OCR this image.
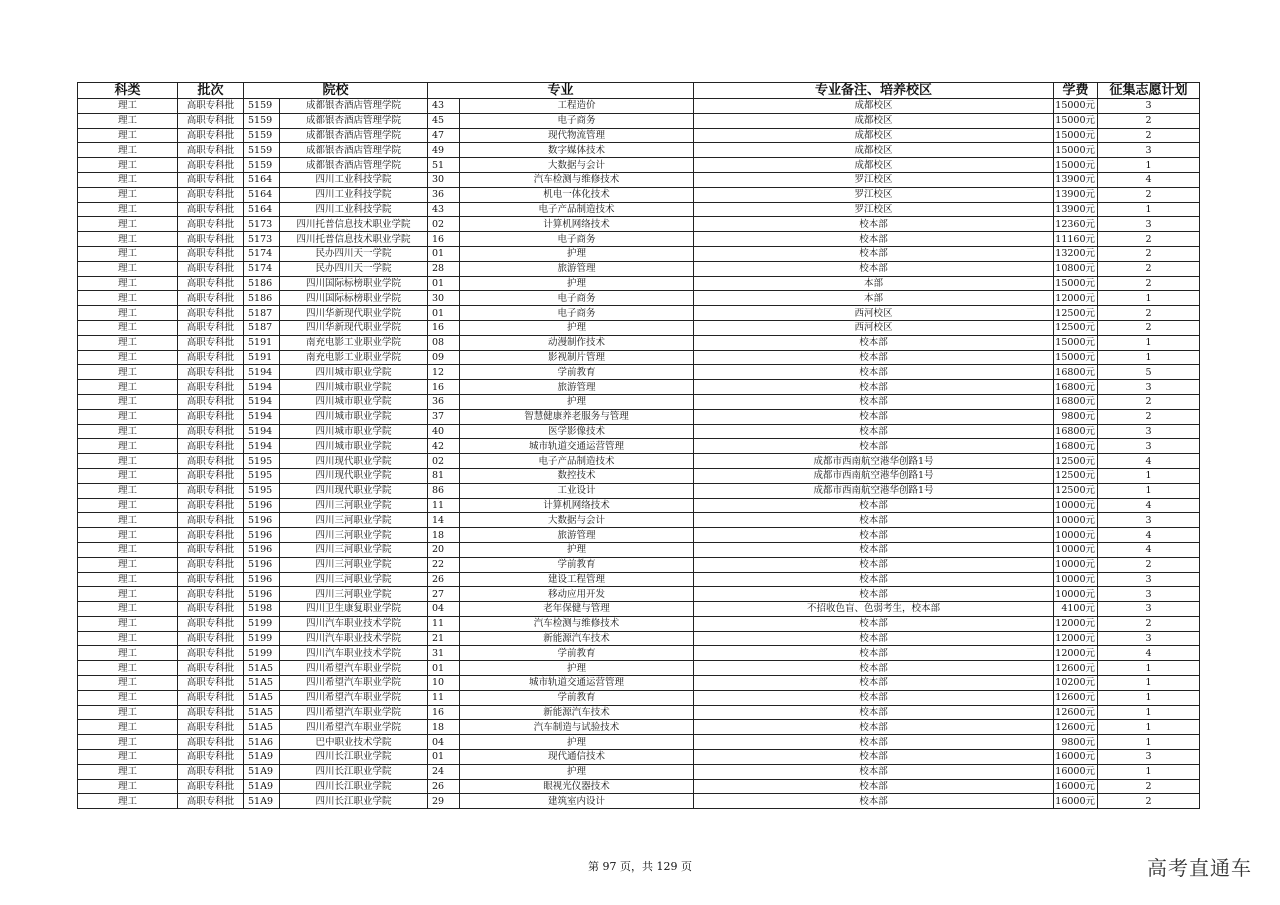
科类	批次	院校		专业		专业备注、培养校区	学费	征集志愿计划
理工	高职专科批	5159	成都银杏酒店管理学院	43	工程造价	成都校区	15000元	3
理工	高职专科批	5159	成都银杏酒店管理学院	45	电子商务	成都校区	15000元	2
理工	高职专科批	5159	成都银杏酒店管理学院	47	现代物流管理	成都校区	15000元	2
理工	高职专科批	5159	成都银杏酒店管理学院	49	数字媒体技术	成都校区	15000元	3
理工	高职专科批	5159	成都银杏酒店管理学院	51	大数据与会计	成都校区	15000元	1
理工	高职专科批	5164	四川工业科技学院	30	汽车检测与维修技术	罗江校区	13900元	4
理工	高职专科批	5164	四川工业科技学院	36	机电一体化技术	罗江校区	13900元	2
理工	高职专科批	5164	四川工业科技学院	43	电子产品制造技术	罗江校区	13900元	1
理工	高职专科批	5173	四川托普信息技术职业学院	02	计算机网络技术	校本部	12360元	3
理工	高职专科批	5173	四川托普信息技术职业学院	16	电子商务	校本部	11160元	2
理工	高职专科批	5174	民办四川天一学院	01	护理	校本部	13200元	2
理工	高职专科批	5174	民办四川天一学院	28	旅游管理	校本部	10800元	2
理工	高职专科批	5186	四川国际标榜职业学院	01	护理	本部	15000元	2
理工	高职专科批	5186	四川国际标榜职业学院	30	电子商务	本部	12000元	1
理工	高职专科批	5187	四川华新现代职业学院	01	电子商务	西河校区	12500元	2
理工	高职专科批	5187	四川华新现代职业学院	16	护理	西河校区	12500元	2
理工	高职专科批	5191	南充电影工业职业学院	08	动漫制作技术	校本部	15000元	1
理工	高职专科批	5191	南充电影工业职业学院	09	影视制片管理	校本部	15000元	1
理工	高职专科批	5194	四川城市职业学院	12	学前教育	校本部	16800元	5
理工	高职专科批	5194	四川城市职业学院	16	旅游管理	校本部	16800元	3
理工	高职专科批	5194	四川城市职业学院	36	护理	校本部	16800元	2
理工	高职专科批	5194	四川城市职业学院	37	智慧健康养老服务与管理	校本部	9800元	2
理工	高职专科批	5194	四川城市职业学院	40	医学影像技术	校本部	16800元	3
理工	高职专科批	5194	四川城市职业学院	42	城市轨道交通运营管理	校本部	16800元	3
理工	高职专科批	5195	四川现代职业学院	02	电子产品制造技术	成都市西南航空港华创路1号	12500元	4
理工	高职专科批	5195	四川现代职业学院	81	数控技术	成都市西南航空港华创路1号	12500元	1
理工	高职专科批	5195	四川现代职业学院	86	工业设计	成都市西南航空港华创路1号	12500元	1
理工	高职专科批	5196	四川三河职业学院	11	计算机网络技术	校本部	10000元	4
理工	高职专科批	5196	四川三河职业学院	14	大数据与会计	校本部	10000元	3
理工	高职专科批	5196	四川三河职业学院	18	旅游管理	校本部	10000元	4
理工	高职专科批	5196	四川三河职业学院	20	护理	校本部	10000元	4
理工	高职专科批	5196	四川三河职业学院	22	学前教育	校本部	10000元	2
理工	高职专科批	5196	四川三河职业学院	26	建设工程管理	校本部	10000元	3
理工	高职专科批	5196	四川三河职业学院	27	移动应用开发	校本部	10000元	3
理工	高职专科批	5198	四川卫生康复职业学院	04	老年保健与管理	不招收色盲、色弱考生，校本部	4100元	3
理工	高职专科批	5199	四川汽车职业技术学院	11	汽车检测与维修技术	校本部	12000元	2
理工	高职专科批	5199	四川汽车职业技术学院	21	新能源汽车技术	校本部	12000元	3
理工	高职专科批	5199	四川汽车职业技术学院	31	学前教育	校本部	12000元	4
理工	高职专科批	51A5	四川希望汽车职业学院	01	护理	校本部	12600元	1
理工	高职专科批	51A5	四川希望汽车职业学院	10	城市轨道交通运营管理	校本部	10200元	1
理工	高职专科批	51A5	四川希望汽车职业学院	11	学前教育	校本部	12600元	1
理工	高职专科批	51A5	四川希望汽车职业学院	16	新能源汽车技术	校本部	12600元	1
理工	高职专科批	51A5	四川希望汽车职业学院	18	汽车制造与试验技术	校本部	12600元	1
理工	高职专科批	51A6	巴中职业技术学院	04	护理	校本部	9800元	1
理工	高职专科批	51A9	四川长江职业学院	01	现代通信技术	校本部	16000元	3
理工	高职专科批	51A9	四川长江职业学院	24	护理	校本部	16000元	1
理工	高职专科批	51A9	四川长江职业学院	26	眼视光仪器技术	校本部	16000元	2
理工	高职专科批	51A9	四川长江职业学院	29	建筑室内设计	校本部	16000元	2
第 97 页，共 129 页	高考直通车
